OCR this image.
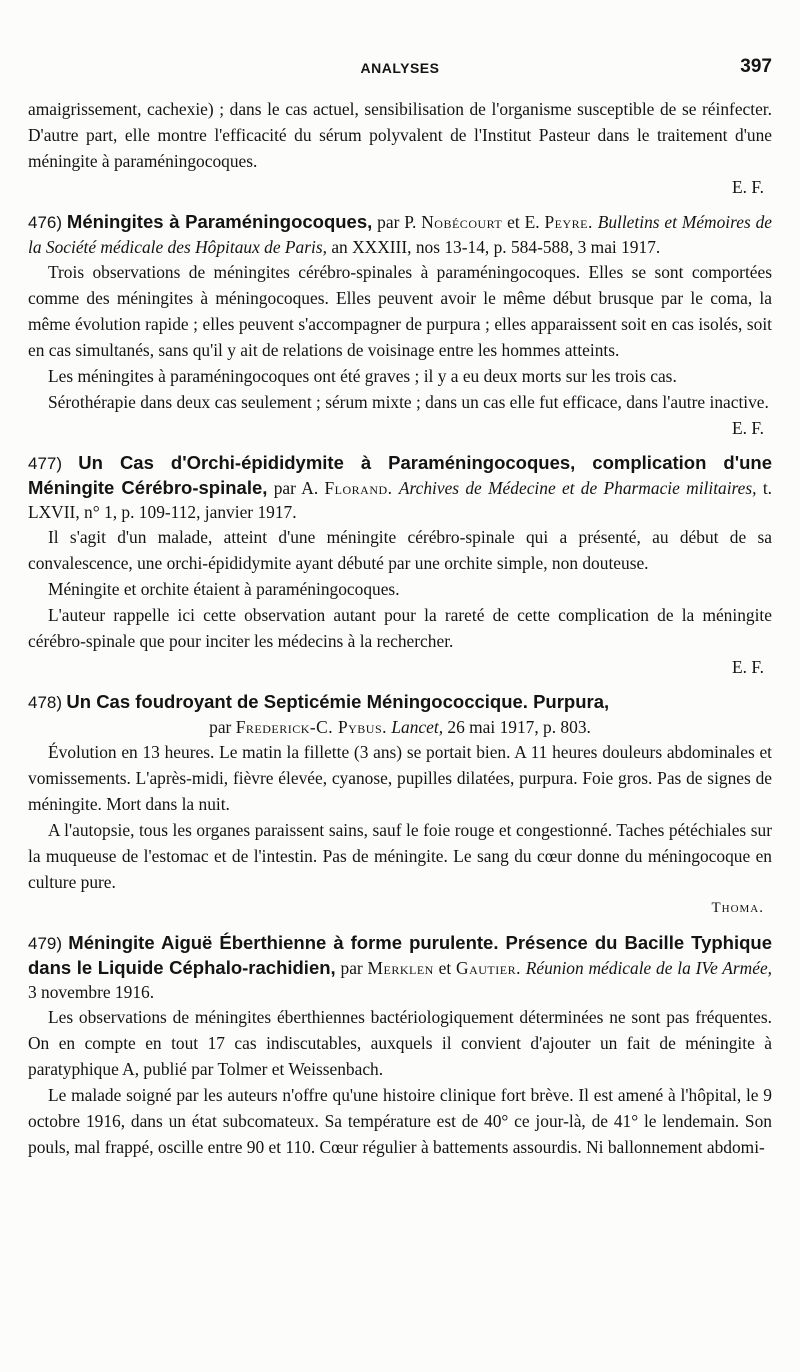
ANALYSES	397

amaigrissement, cachexie) ; dans le cas actuel, sensibilisation de l'organisme susceptible de se réinfecter. D'autre part, elle montre l'efficacité du sérum polyvalent de l'Institut Pasteur dans le traitement d'une méningite à paraméningocoques.

E. F.

476) Méningites à Paraméningocoques, par P. Nobécourt et E. Peyre. Bulletins et Mémoires de la Société médicale des Hôpitaux de Paris, an XXXIII, nos 13-14, p. 584-588, 3 mai 1917.

Trois observations de méningites cérébro-spinales à paraméningocoques. Elles se sont comportées comme des méningites à méningocoques. Elles peuvent avoir le même début brusque par le coma, la même évolution rapide ; elles peuvent s'accompagner de purpura ; elles apparaissent soit en cas isolés, soit en cas simultanés, sans qu'il y ait de relations de voisinage entre les hommes atteints.

Les méningites à paraméningocoques ont été graves ; il y a eu deux morts sur les trois cas.

Sérothérapie dans deux cas seulement ; sérum mixte ; dans un cas elle fut efficace, dans l'autre inactive.

E. F.

477) Un Cas d'Orchi-épididymite à Paraméningocoques, complication d'une Méningite Cérébro-spinale, par A. Florand. Archives de Médecine et de Pharmacie militaires, t. LXVII, n° 1, p. 109-112, janvier 1917.

Il s'agit d'un malade, atteint d'une méningite cérébro-spinale qui a présenté, au début de sa convalescence, une orchi-épididymite ayant débuté par une orchite simple, non douteuse.

Méningite et orchite étaient à paraméningocoques.

L'auteur rappelle ici cette observation autant pour la rareté de cette complication de la méningite cérébro-spinale que pour inciter les médecins à la rechercher.

E. F.

478) Un Cas foudroyant de Septicémie Méningococcique. Purpura,

par Frederick-C. Pybus. Lancet, 26 mai 1917, p. 803.

Évolution en 13 heures. Le matin la fillette (3 ans) se portait bien. A 11 heures douleurs abdominales et vomissements. L'après-midi, fièvre élevée, cyanose, pupilles dilatées, purpura. Foie gros. Pas de signes de méningite. Mort dans la nuit.

A l'autopsie, tous les organes paraissent sains, sauf le foie rouge et congestionné. Taches pétéchiales sur la muqueuse de l'estomac et de l'intestin. Pas de méningite. Le sang du cœur donne du méningocoque en culture pure.

Thoma.

479) Méningite Aiguë Éberthienne à forme purulente. Présence du Bacille Typhique dans le Liquide Céphalo-rachidien, par Merklen et Gautier. Réunion médicale de la IVe Armée, 3 novembre 1916.

Les observations de méningites éberthiennes bactériologiquement déterminées ne sont pas fréquentes. On en compte en tout 17 cas indiscutables, auxquels il convient d'ajouter un fait de méningite à paratyphique A, publié par Tolmer et Weissenbach.

Le malade soigné par les auteurs n'offre qu'une histoire clinique fort brève. Il est amené à l'hôpital, le 9 octobre 1916, dans un état subcomateux. Sa température est de 40° ce jour-là, de 41° le lendemain. Son pouls, mal frappé, oscille entre 90 et 110. Cœur régulier à battements assourdis. Ni ballonnement abdomi-
